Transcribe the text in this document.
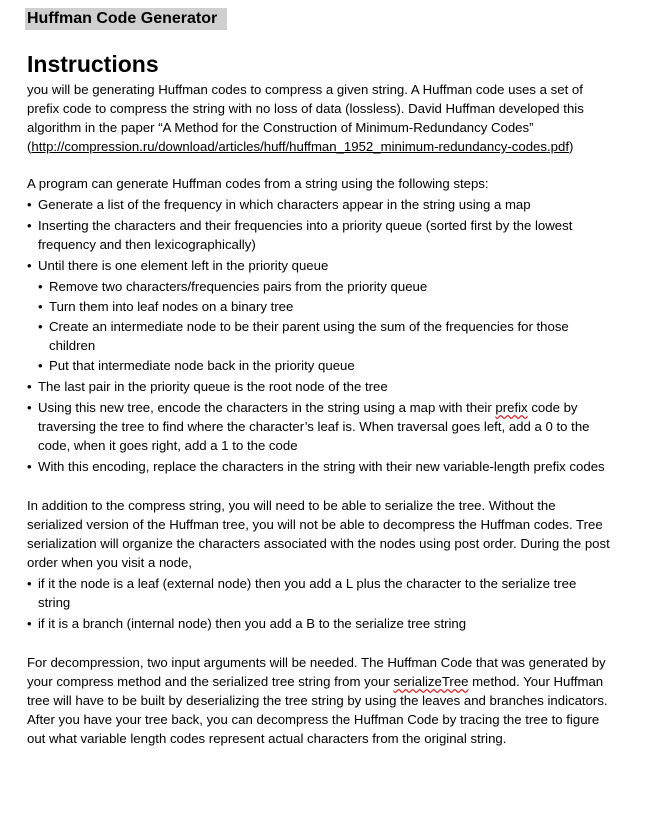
Huffman Code Generator
Instructions

you will be generating Huffman codes to compress a given string. A Huffman code uses a set of prefix code to compress the string with no loss of data (lossless). David Huffman developed this algorithm in the paper “A Method for the Construction of Minimum-Redundancy Codes” (http://compression.ru/download/articles/huff/huffman_1952_minimum-redundancy-codes.pdf)

A program can generate Huffman codes from a string using the following steps:

• Generate a list of the frequency in which characters appear in the string using a map
• Inserting the characters and their frequencies into a priority queue (sorted first by the lowest frequency and then lexicographically)
• Until there is one element left in the priority queue
• Remove two characters/frequencies pairs from the priority queue
• Turn them into leaf nodes on a binary tree
• Create an intermediate node to be their parent using the sum of the frequencies for those children
• Put that intermediate node back in the priority queue
• The last pair in the priority queue is the root node of the tree
• Using this new tree, encode the characters in the string using a map with their prefix code by traversing the tree to find where the character’s leaf is. When traversal goes left, add a 0 to the code, when it goes right, add a 1 to the code
• With this encoding, replace the characters in the string with their new variable-length prefix codes

In addition to the compress string, you will need to be able to serialize the tree. Without the serialized version of the Huffman tree, you will not be able to decompress the Huffman codes. Tree serialization will organize the characters associated with the nodes using post order. During the post order when you visit a node,

• if it the node is a leaf (external node) then you add a L plus the character to the serialize tree string
• if it is a branch (internal node) then you add a B to the serialize tree string

For decompression, two input arguments will be needed. The Huffman Code that was generated by your compress method and the serialized tree string from your serializeTree method. Your Huffman tree will have to be built by deserializing the tree string by using the leaves and branches indicators. After you have your tree back, you can decompress the Huffman Code by tracing the tree to figure out what variable length codes represent actual characters from the original string.
